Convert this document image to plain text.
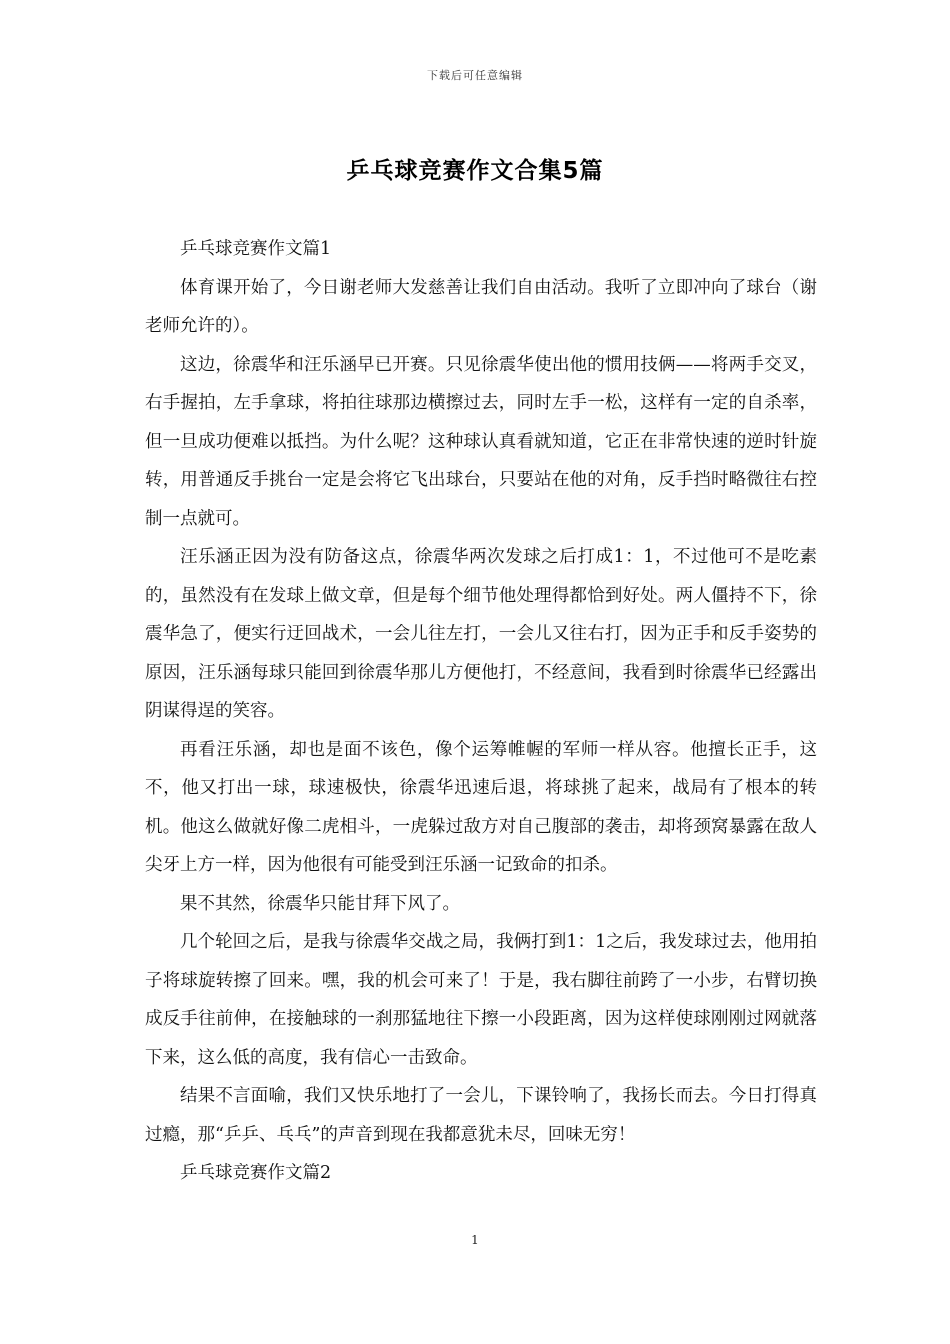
下载后可任意编辑
乒乓球竞赛作文合集5篇

乒乓球竞赛作文篇1

体育课开始了，今日谢老师大发慈善让我们自由活动。我听了立即冲向了球台（谢老师允许的）。

这边，徐震华和汪乐涵早已开赛。只见徐震华使出他的惯用技俩——将两手交叉，右手握拍，左手拿球，将拍往球那边横擦过去，同时左手一松，这样有一定的自杀率，但一旦成功便难以抵挡。为什么呢？这种球认真看就知道，它正在非常快速的逆时针旋转，用普通反手挑台一定是会将它飞出球台，只要站在他的对角，反手挡时略微往右控制一点就可。

汪乐涵正因为没有防备这点，徐震华两次发球之后打成1：1，不过他可不是吃素的，虽然没有在发球上做文章，但是每个细节他处理得都恰到好处。两人僵持不下，徐震华急了，便实行迂回战术，一会儿往左打，一会儿又往右打，因为正手和反手姿势的原因，汪乐涵每球只能回到徐震华那儿方便他打，不经意间，我看到时徐震华已经露出阴谋得逞的笑容。

再看汪乐涵，却也是面不该色，像个运筹帷幄的军师一样从容。他擅长正手，这不，他又打出一球，球速极快，徐震华迅速后退，将球挑了起来，战局有了根本的转机。他这么做就好像二虎相斗，一虎躲过敌方对自己腹部的袭击，却将颈窝暴露在敌人尖牙上方一样，因为他很有可能受到汪乐涵一记致命的扣杀。

果不其然，徐震华只能甘拜下风了。

几个轮回之后，是我与徐震华交战之局，我俩打到1：1之后，我发球过去，他用拍子将球旋转擦了回来。嘿，我的机会可来了！于是，我右脚往前跨了一小步，右臂切换成反手往前伸，在接触球的一刹那猛地往下擦一小段距离，因为这样使球刚刚过网就落下来，这么低的高度，我有信心一击致命。

结果不言面喻，我们又快乐地打了一会儿，下课铃响了，我扬长而去。今日打得真过瘾，那“乒乒、乓乓”的声音到现在我都意犹未尽，回味无穷！

乒乓球竞赛作文篇2

1
